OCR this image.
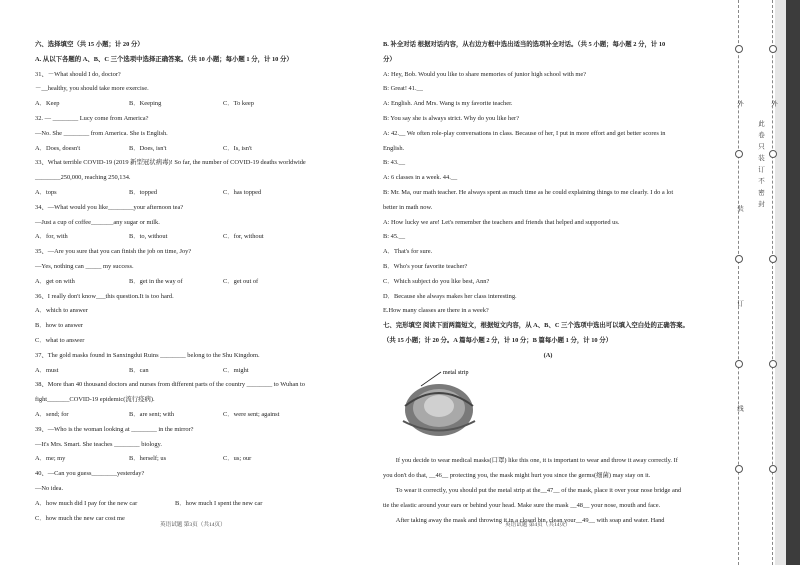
六、选择填空（共 15 小题；计 20 分）

A. 从以下各题的 A、B、C 三个选项中选择正确答案。（共 10 小题；每小题 1 分，计 10 分）

31、－What should I do, doctor?

－__healthy, you should take more exercise.

A．Keep	B．Keeping	C．To keep

32. — ________ Lucy come from America?

—No. She ________ from America. She is English.

A．Does, doesn't	B．Does, isn't	C．Is, isn't

33、What terrible COVID-19 (2019 新型冠状病毒)! So far, the number of COVID-19 deaths worldwide

________250,000, reaching 250,134.

A．tops	B．topped	C．has topped

34、—What would you like________your afternoon tea?

—Just a cup of coffee_______any sugar or milk.

A．for, with	B．to, without	C．for, without

35、—Are you sure that you can finish the job on time, Joy?

—Yes, nothing can _____ my success.

A．get on with	B．get in the way of	C．get out of

36、I really don't know___this question.It is too hard.

A．which to answer

B．how to answer

C．what to answer

37、The gold masks found in Sanxingdui Ruins ________ belong to the Shu Kingdom.

A．must	B．can	C．might

38、More than 40 thousand doctors and nurses from different parts of the country ________ to Wuhan to

fight_______COVID-19 epidemic(流行疫病).

A．send; for	B．are sent; with	C．were sent; against

39、—Who is the woman looking at ________ in the mirror?

—It's Mrs. Smart. She teaches ________ biology.

A．me; my	B．herself; us	C．us; our

40、—Can you guess________yesterday?

—No idea.

A．how much did I pay for the new car	B．how much I spent the new car

C．how much the new car cost me

B. 补全对话 根据对话内容，从右边方框中选出适当的选项补全对话。（共 5 小题；每小题 2 分，计 10

分）

A: Hey, Bob. Would you like to share memories of junior high school with me?

B: Great! 41.__

A: English. And Mrs. Wang is my favorite teacher.

B: You say she is always strict. Why do you like her?

A: 42.__ We often role-play conversations in class. Because of her, I put in more effort and get better scores in

English.

B: 43.__

A: 6 classes in a week. 44.__

B: Mr. Ma, our math teacher. He always spent as much time as he could explaining things to me clearly. I do a lot

better in math now.

A: How lucky we are! Let's remember the teachers and friends that helped and supported us.

B: 45.__

A．That's for sure.

B．Who's your favorite teacher?

C．Which subject do you like best, Ann?

D．Because she always makes her class interesting.

E.How many classes are there in a week?

七、完形填空 阅读下面两篇短文，根据短文内容，从 A、B、C 三个选项中选出可以填入空白处的正确答案。

（共 15 小题；计 20 分。A 篇每小题 2 分，计 10 分；B 篇每小题 1 分，计 10 分）

(A)

metal strip

　　If you decide to wear medical masks(口罩) like this one, it is important to wear and throw it away correctly. If

you don't do that, __46__ protecting you, the mask might hurt you since the germs(细菌) may stay on it.

　　To wear it correctly, you should put the metal strip at the__47__ of the mask, place it over your nose bridge and

tie the elastic around your ears or behind your head. Make sure the mask __48__ your nose, mouth and face.

　　After taking away the mask and throwing it in a closed bin, clean your__49__ with soap and water. Hand

英语试题 第3页（共14页）	英语试题 第4页（共14页）
此卷只装订不密封
外
装
订
线
外
